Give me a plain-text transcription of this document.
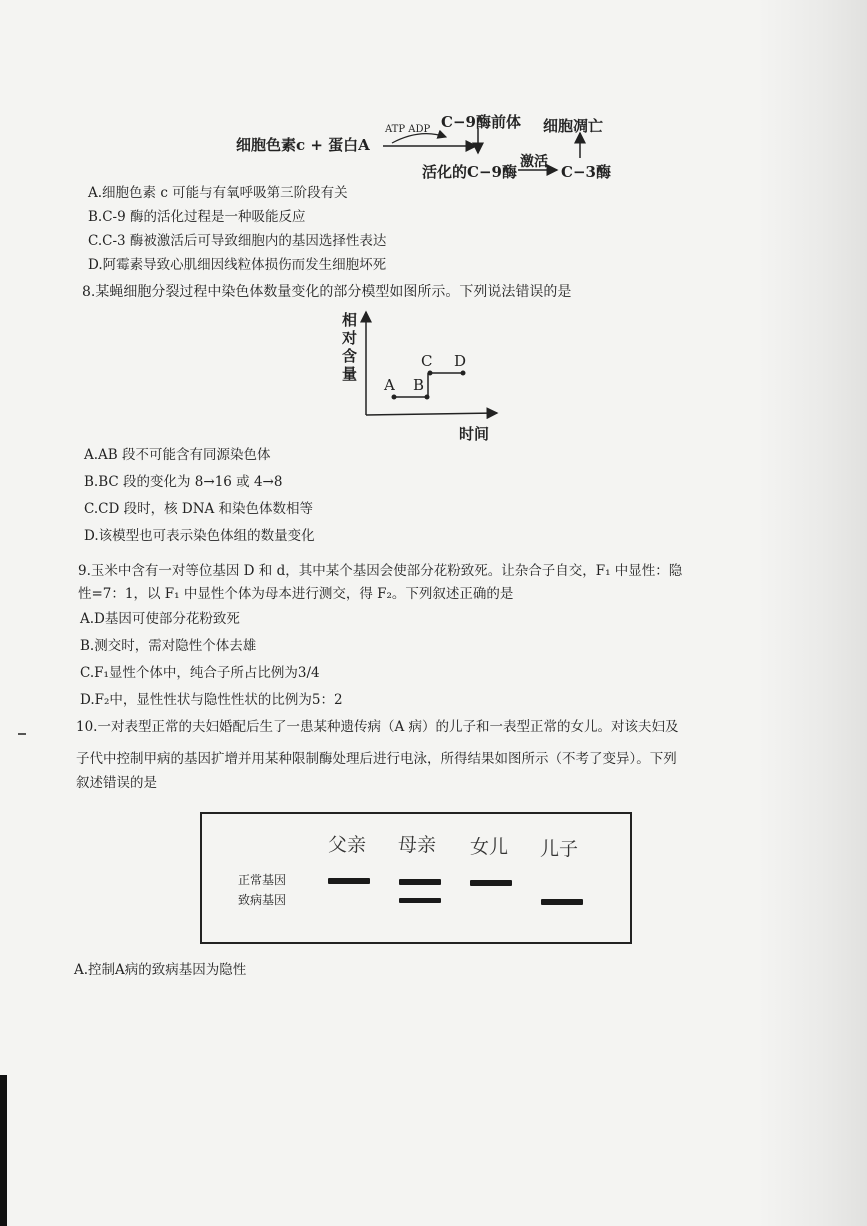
细胞色素c + 蛋白A
ATP ADP C−9酶前体 细胞凋亡
活化的C−9酶
激活
C−3酶
A.细胞色素 c 可能与有氧呼吸第三阶段有关
B.C-9 酶的活化过程是一种吸能反应
C.C-3 酶被激活后可导致细胞内的基因选择性表达
D.阿霉素导致心肌细因线粒体损伤而发生细胞坏死
8.某蝇细胞分裂过程中染色体数量变化的部分模型如图所示。下列说法错误的是
相
对
含
量
时间
A B
C D
A.AB 段不可能含有同源染色体
B.BC 段的变化为 8→16 或 4→8
C.CD 段时，核 DNA 和染色体数相等
D.该模型也可表示染色体组的数量变化
9.玉米中含有一对等位基因 D 和 d，其中某个基因会使部分花粉致死。让杂合子自交，F₁ 中显性：隐
性=7：1，以 F₁ 中显性个体为母本进行测交，得 F₂。下列叙述正确的是
A.D基因可使部分花粉致死
B.测交时，需对隐性个体去雄
C.F₁显性个体中，纯合子所占比例为3/4
D.F₂中，显性性状与隐性性状的比例为5：2
10.一对表型正常的夫妇婚配后生了一患某种遗传病（A 病）的儿子和一表型正常的女儿。对该夫妇及
子代中控制甲病的基因扩增并用某种限制酶处理后进行电泳，所得结果如图所示（不考了变异）。下列
叙述错误的是
父亲 母亲 女儿 儿子
正常基因
致病基因
A.控制A病的致病基因为隐性
